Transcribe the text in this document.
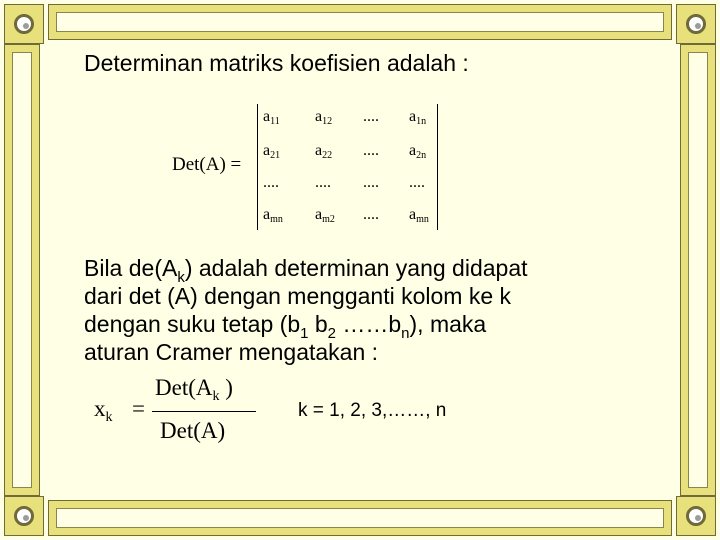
Determinan matriks koefisien adalah :
Det(A) =
$a_{11}$ $a_{12}$ .... $a_{1n}$
$a_{21}$ $a_{22}$ .... $a_{2n}$
.... .... .... ....
$a_{mn}$ $a_{m2}$ .... $a_{mn}$
Bila $de(A_k)$ adalah determinan yang didapat
dari det (A) dengan mengganti kolom ke k
dengan suku tetap ($b_1$ $b_2$ $\dots\dots b_n$), maka
aturan Cramer mengatakan :
$x_k$ =
$Det(A_k$ )
Det(A)
k = 1, 2, 3,……, n
